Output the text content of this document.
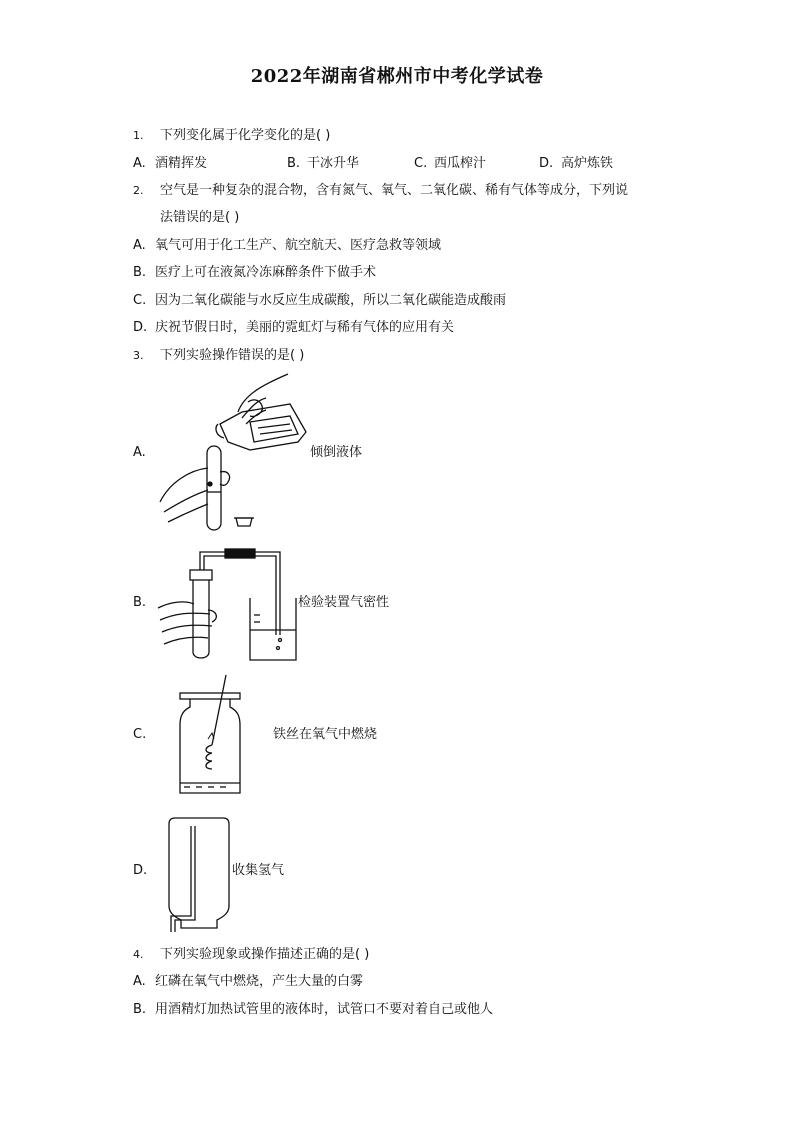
2022年湖南省郴州市中考化学试卷
1. 下列变化属于化学变化的是( )
A. 酒精挥发	B. 干冰升华	C. 西瓜榨汁	D. 高炉炼铁
2. 空气是一种复杂的混合物，含有氮气、氧气、二氧化碳、稀有气体等成分，下列说
法错误的是( )
A. 氧气可用于化工生产、航空航天、医疗急救等领域
B. 医疗上可在液氮冷冻麻醉条件下做手术
C. 因为二氧化碳能与水反应生成碳酸，所以二氧化碳能造成酸雨
D. 庆祝节假日时，美丽的霓虹灯与稀有气体的应用有关
3. 下列实验操作错误的是( )
A.	倾倒液体
B.	检验装置气密性
C.	铁丝在氧气中燃烧
D.	收集氢气
4. 下列实验现象或操作描述正确的是( )
A. 红磷在氧气中燃烧，产生大量的白雾
B. 用酒精灯加热试管里的液体时，试管口不要对着自己或他人
